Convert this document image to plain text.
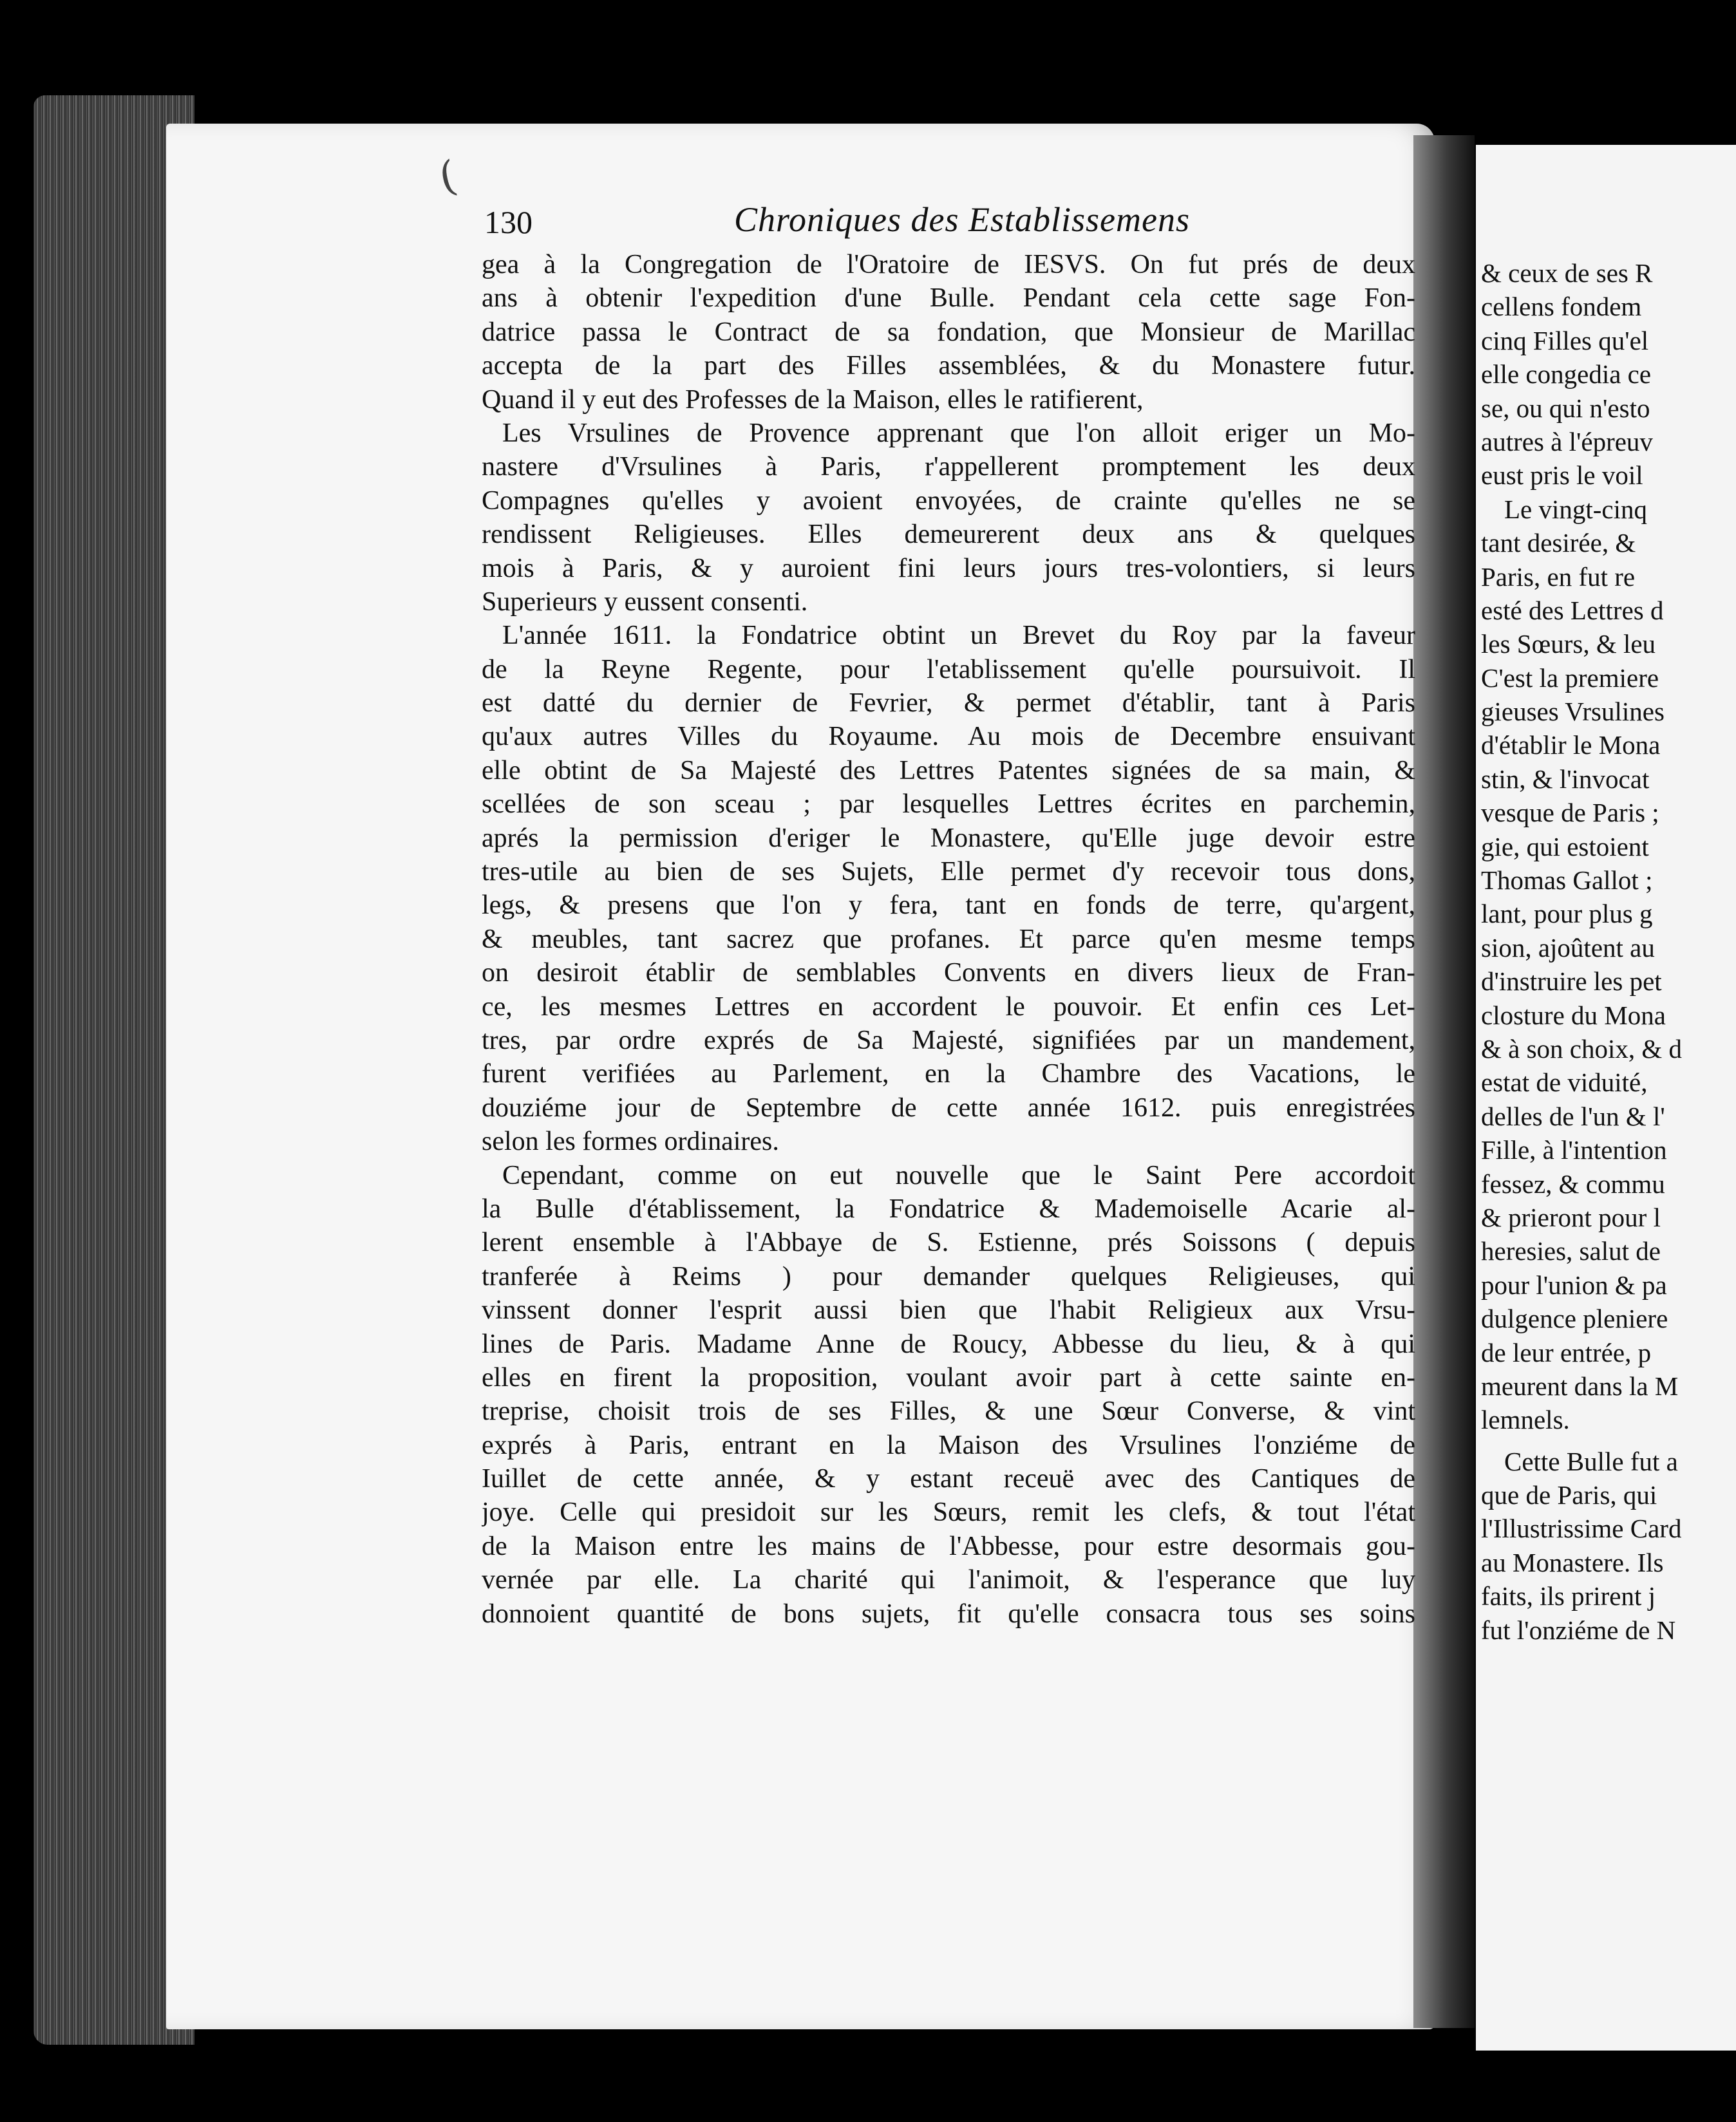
(
130	Chroniques des Establissemens
gea à la Congregation de l'Oratoire de IESVS. On fut prés de deux
ans à obtenir l'expedition d'une Bulle. Pendant cela cette sage Fon-
datrice passa le Contract de sa fondation, que Monsieur de Marillac
accepta de la part des Filles assemblées, & du Monastere futur.
Quand il y eut des Professes de la Maison, elles le ratifierent,
Les Vrsulines de Provence apprenant que l'on alloit eriger un Mo-
nastere d'Vrsulines à Paris, r'appellerent promptement les deux
Compagnes qu'elles y avoient envoyées, de crainte qu'elles ne se
rendissent Religieuses. Elles demeurerent deux ans & quelques
mois à Paris, & y auroient fini leurs jours tres-volontiers, si leurs
Superieurs y eussent consenti.
L'année 1611. la Fondatrice obtint un Brevet du Roy par la faveur
de la Reyne Regente, pour l'etablissement qu'elle poursuivoit. Il
est datté du dernier de Fevrier, & permet d'établir, tant à Paris
qu'aux autres Villes du Royaume. Au mois de Decembre ensuivant
elle obtint de Sa Majesté des Lettres Patentes signées de sa main, &
scellées de son sceau ; par lesquelles Lettres écrites en parchemin,
aprés la permission d'eriger le Monastere, qu'Elle juge devoir estre
tres-utile au bien de ses Sujets, Elle permet d'y recevoir tous dons,
legs, & presens que l'on y fera, tant en fonds de terre, qu'argent,
& meubles, tant sacrez que profanes. Et parce qu'en mesme temps
on desiroit établir de semblables Convents en divers lieux de Fran-
ce, les mesmes Lettres en accordent le pouvoir. Et enfin ces Let-
tres, par ordre exprés de Sa Majesté, signifiées par un mandement,
furent verifiées au Parlement, en la Chambre des Vacations, le
douziéme jour de Septembre de cette année 1612. puis enregistrées
selon les formes ordinaires.
Cependant, comme on eut nouvelle que le Saint Pere accordoit
la Bulle d'établissement, la Fondatrice & Mademoiselle Acarie al-
lerent ensemble à l'Abbaye de S. Estienne, prés Soissons ( depuis
tranferée à Reims ) pour demander quelques Religieuses, qui
vinssent donner l'esprit aussi bien que l'habit Religieux aux Vrsu-
lines de Paris. Madame Anne de Roucy, Abbesse du lieu, & à qui
elles en firent la proposition, voulant avoir part à cette sainte en-
treprise, choisit trois de ses Filles, & une Sœur Converse, & vint
exprés à Paris, entrant en la Maison des Vrsulines l'onziéme de
Iuillet de cette année, & y estant receuë avec des Cantiques de
joye. Celle qui presidoit sur les Sœurs, remit les clefs, & tout l'état
de la Maison entre les mains de l'Abbesse, pour estre desormais gou-
vernée par elle. La charité qui l'animoit, & l'esperance que luy
donnoient quantité de bons sujets, fit qu'elle consacra tous ses soins
& ceux de ses R
cellens fondem
cinq Filles qu'el
elle congedia ce
se, ou qui n'esto
autres à l'épreuv
eust pris le voil
Le vingt-cinq
tant desirée, &
Paris, en fut re
esté des Lettres d
les Sœurs, & leu
C'est la premiere
gieuses Vrsulines
d'établir le Mona
stin, & l'invocat
vesque de Paris ;
gie, qui estoient
Thomas Gallot ;
lant, pour plus g
sion, ajoûtent au
d'instruire les pet
closture du Mona
& à son choix, & d
estat de viduité,
delles de l'un & l'
Fille, à l'intention
fessez, & commu
& prieront pour l
heresies, salut de
pour l'union & pa
dulgence pleniere
de leur entrée, p
meurent dans la M
lemnels.
Cette Bulle fut a
que de Paris, qui
l'Illustrissime Card
au Monastere. Ils
faits, ils prirent j
fut l'onziéme de N
